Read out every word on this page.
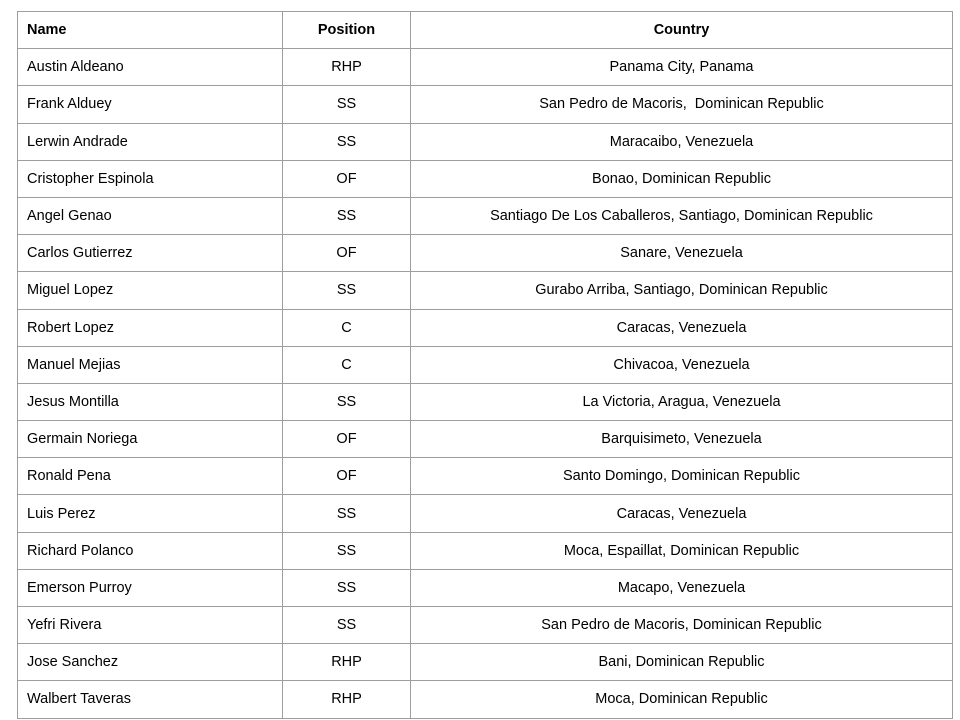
Name	Position	Country
Austin Aldeano	RHP	Panama City, Panama
Frank Alduey	SS	San Pedro de Macoris,  Dominican Republic
Lerwin Andrade	SS	Maracaibo, Venezuela
Cristopher Espinola	OF	Bonao, Dominican Republic
Angel Genao	SS	Santiago De Los Caballeros, Santiago, Dominican Republic
Carlos Gutierrez	OF	Sanare, Venezuela
Miguel Lopez	SS	Gurabo Arriba, Santiago, Dominican Republic
Robert Lopez	C	Caracas, Venezuela
Manuel Mejias	C	Chivacoa, Venezuela
Jesus Montilla	SS	La Victoria, Aragua, Venezuela
Germain Noriega	OF	Barquisimeto, Venezuela
Ronald Pena	OF	Santo Domingo, Dominican Republic
Luis Perez	SS	Caracas, Venezuela
Richard Polanco	SS	Moca, Espaillat, Dominican Republic
Emerson Purroy	SS	Macapo, Venezuela
Yefri Rivera	SS	San Pedro de Macoris, Dominican Republic
Jose Sanchez	RHP	Bani, Dominican Republic
Walbert Taveras	RHP	Moca, Dominican Republic
